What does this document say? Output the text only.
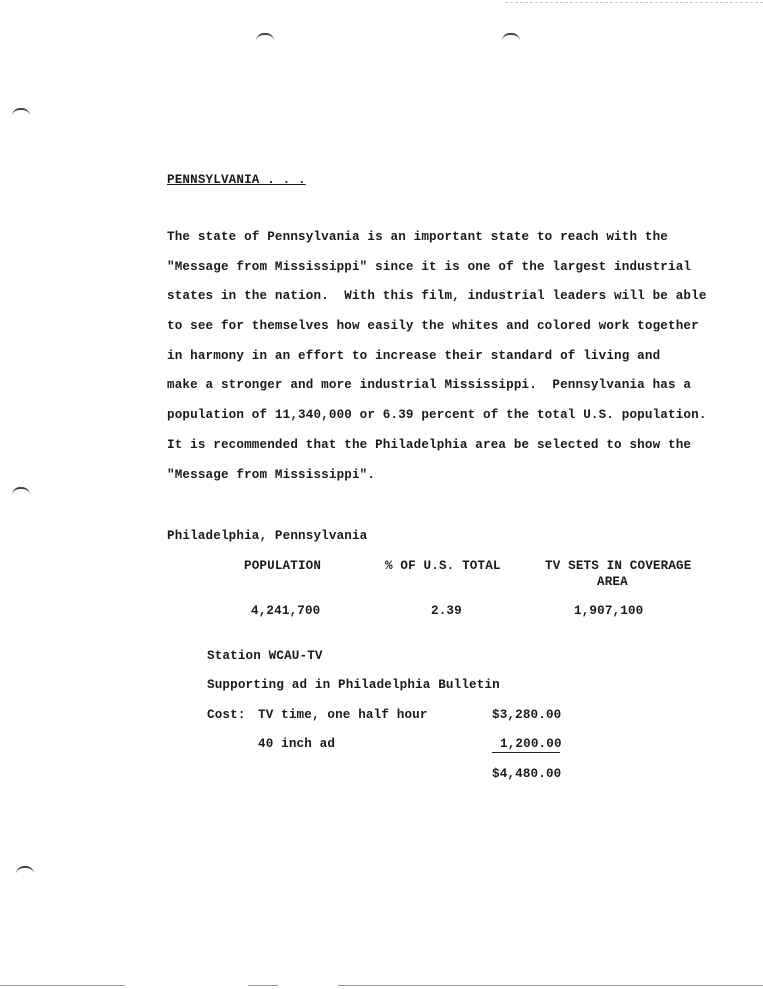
PENNSYLVANIA . . .
The state of Pennsylvania is an important state to reach with the
"Message from Mississippi" since it is one of the largest industrial
states in the nation.  With this film, industrial leaders will be able
to see for themselves how easily the whites and colored work together
in harmony in an effort to increase their standard of living and
make a stronger and more industrial Mississippi.  Pennsylvania has a
population of 11,340,000 or 6.39 percent of the total U.S. population.
It is recommended that the Philadelphia area be selected to show the
"Message from Mississippi".
Philadelphia, Pennsylvania
POPULATION	% OF U.S. TOTAL	TV SETS IN COVERAGE
AREA
4,241,700	2.39	1,907,100
Station WCAU-TV
Supporting ad in Philadelphia Bulletin
Cost: TV time, one half hour	$3,280.00
40 inch ad	1,200.00
$4,480.00
